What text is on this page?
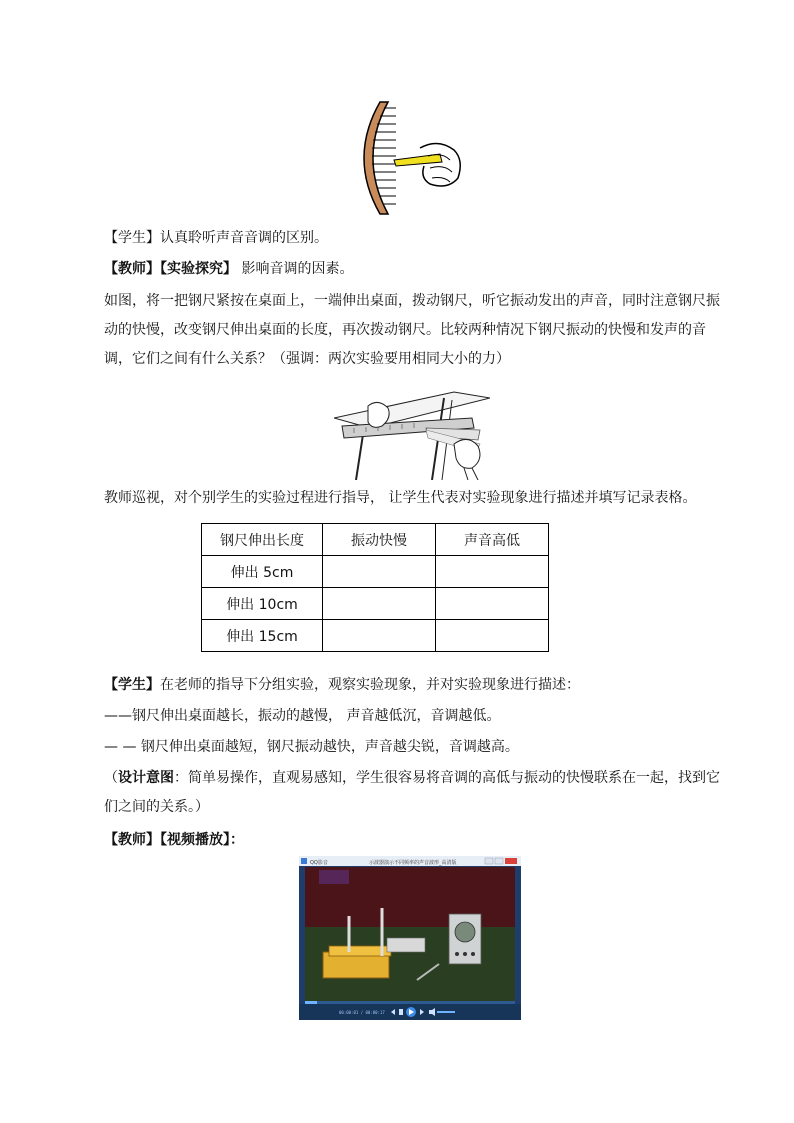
【学生】认真聆听声音音调的区别。

【教师】【实验探究】 影响音调的因素。

如图，将一把钢尺紧按在桌面上，一端伸出桌面，拨动钢尺，听它振动发出的声音，同时注意钢尺振动的快慢，改变钢尺伸出桌面的长度，再次拨动钢尺。比较两种情况下钢尺振动的快慢和发声的音调，它们之间有什么关系？（强调：两次实验要用相同大小的力）

教师巡视，对个别学生的实验过程进行指导， 让学生代表对实验现象进行描述并填写记录表格。

钢尺伸出长度	振动快慢	声音高低
伸出 5cm		
伸出 10cm		
伸出 15cm		

【学生】在老师的指导下分组实验，观察实验现象，并对实验现象进行描述：

——钢尺伸出桌面越长，振动的越慢， 声音越低沉，音调越低。

— — 钢尺伸出桌面越短，钢尺振动越快，声音越尖锐，音调越高。

（设计意图：简单易操作，直观易感知，学生很容易将音调的高低与振动的快慢联系在一起，找到它们之间的关系。）

【教师】【视频播放】：

QQ影音	示波器演示不同频率的声音波形_高清版
00:00:01 / 00:00:17
